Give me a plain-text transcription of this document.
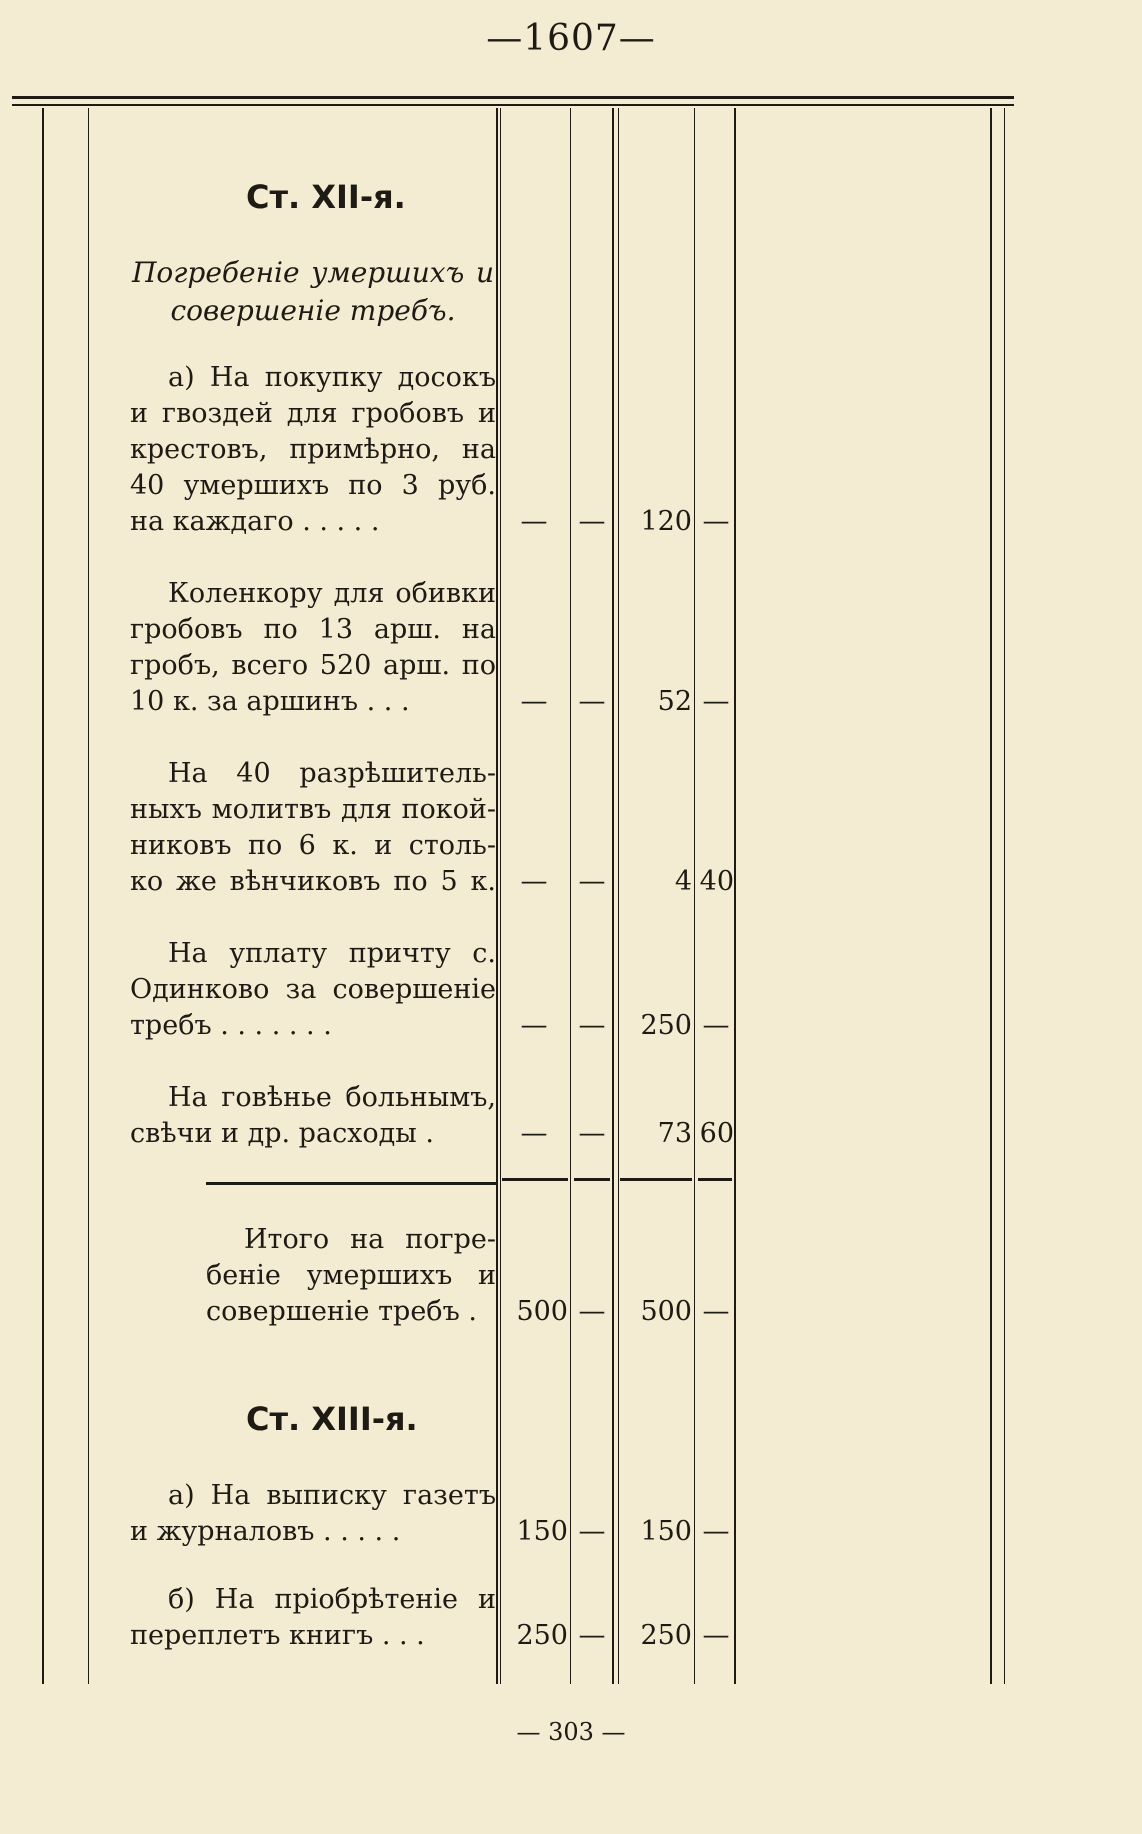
—1607—
Ст. XII-я.
Погребеніе умершихъ и
совершеніе требъ.
а) На покупку досокъ
и гвоздей для гробовъ и
крестовъ, примѣрно, на
40 умершихъ по 3 руб.
на каждаго . . . . .	— —	120 —
Коленкору для обивки
гробовъ по 13 арш. на
гробъ, всего 520 арш. по
10 к. за аршинъ . . .	— —	52 —
На 40 разрѣшитель-
ныхъ молитвъ для покой-
никовъ по 6 к. и столь-
ко же вѣнчиковъ по 5 к. — —	4 40
На уплату причту с.
Одинково за совершеніе
требъ . . . . . . .	— —	250 —
На говѣнье больнымъ,
свѣчи и др. расходы .	— —	73 60
Итого на погре-
беніе умершихъ и
совершеніе требъ .	500 —	500 —
Ст. XIII-я.
а) На выписку газетъ
и журналовъ . . . . .	150 —	150 —
б) На пріобрѣтеніе и
переплетъ книгъ . . .	250 —	250 —
— 303 —
